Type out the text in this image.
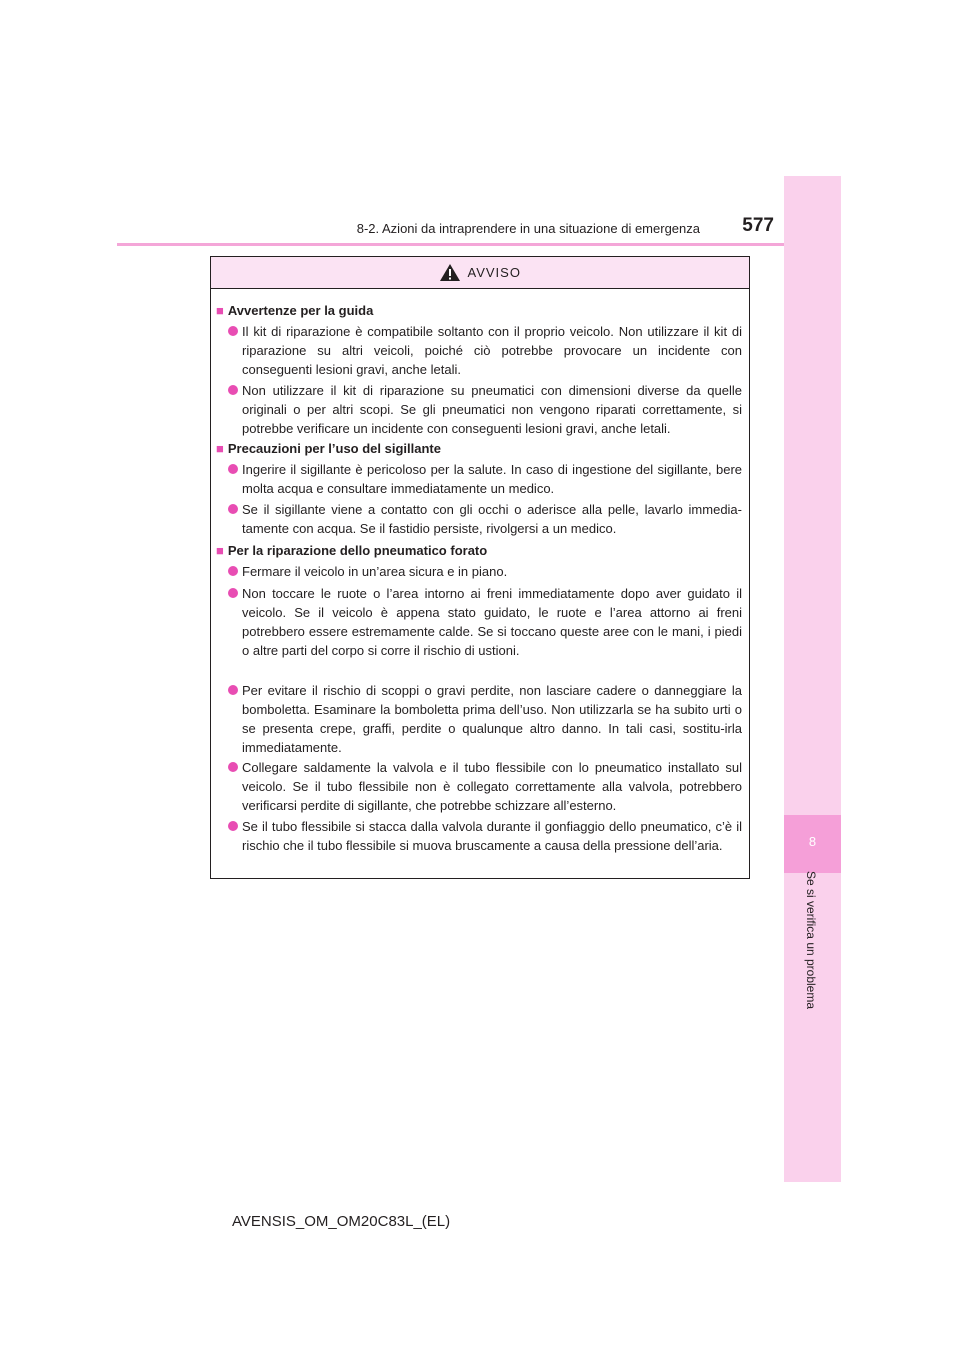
8-2. Azioni da intraprendere in una situazione di emergenza	577
8
Se si verifica un problema
AVVISO
■ Avvertenze per la guida
Il kit di riparazione è compatibile soltanto con il proprio veicolo. Non utilizzare il kit di riparazione su altri veicoli, poiché ciò potrebbe provocare un incidente con conseguenti lesioni gravi, anche letali.
Non utilizzare il kit di riparazione su pneumatici con dimensioni diverse da quelle originali o per altri scopi. Se gli pneumatici non vengono riparati correttamente, si potrebbe verificare un incidente con conseguenti lesioni gravi, anche letali.
■ Precauzioni per l’uso del sigillante
Ingerire il sigillante è pericoloso per la salute. In caso di ingestione del sigillante, bere molta acqua e consultare immediatamente un medico.
Se il sigillante viene a contatto con gli occhi o aderisce alla pelle, lavarlo immedia-tamente con acqua. Se il fastidio persiste, rivolgersi a un medico.
■ Per la riparazione dello pneumatico forato
Fermare il veicolo in un’area sicura e in piano.
Non toccare le ruote o l’area intorno ai freni immediatamente dopo aver guidato il veicolo. Se il veicolo è appena stato guidato, le ruote e l’area attorno ai freni potrebbero essere estremamente calde. Se si toccano queste aree con le mani, i piedi o altre parti del corpo si corre il rischio di ustioni.
Per evitare il rischio di scoppi o gravi perdite, non lasciare cadere o danneggiare la bomboletta. Esaminare la bomboletta prima dell’uso. Non utilizzarla se ha subito urti o se presenta crepe, graffi, perdite o qualunque altro danno. In tali casi, sostitu-irla immediatamente.
Collegare saldamente la valvola e il tubo flessibile con lo pneumatico installato sul veicolo. Se il tubo flessibile non è collegato correttamente alla valvola, potrebbero verificarsi perdite di sigillante, che potrebbe schizzare all’esterno.
Se il tubo flessibile si stacca dalla valvola durante il gonfiaggio dello pneumatico, c’è il rischio che il tubo flessibile si muova bruscamente a causa della pressione dell’aria.
AVENSIS_OM_OM20C83L_(EL)
